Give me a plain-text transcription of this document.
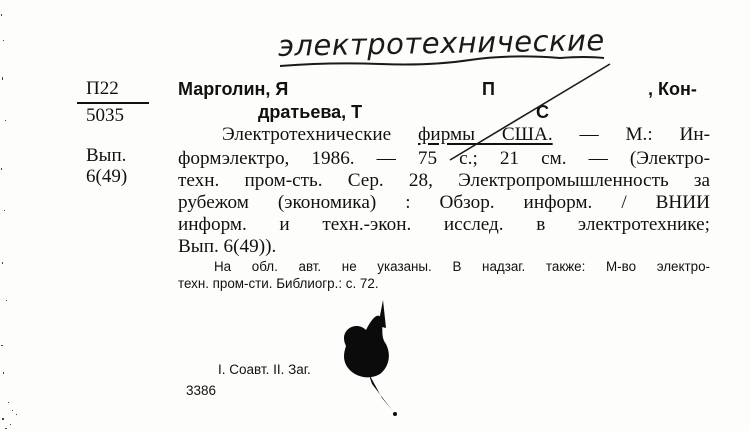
электротехнические
П22
5035
Вып.
6(49)
Марголин, Я	П	, Кон-
дратьева, Т	С
Электротехнические фирмы США. — М.: Ин-
формэлектро, 1986. — 75 с.; 21 см. — (Электро-
техн. пром-сть. Сер. 28, Электропромышленность за
рубежом (экономика) : Обзор. информ. / ВНИИ
информ. и техн.-экон. исслед. в электротехнике;
Вып. 6(49)).
На обл. авт. не указаны. В надзаг. также: М-во электро-
техн. пром-сти. Библиогр.: с. 72.
I. Соавт. II. Заг.
3386
